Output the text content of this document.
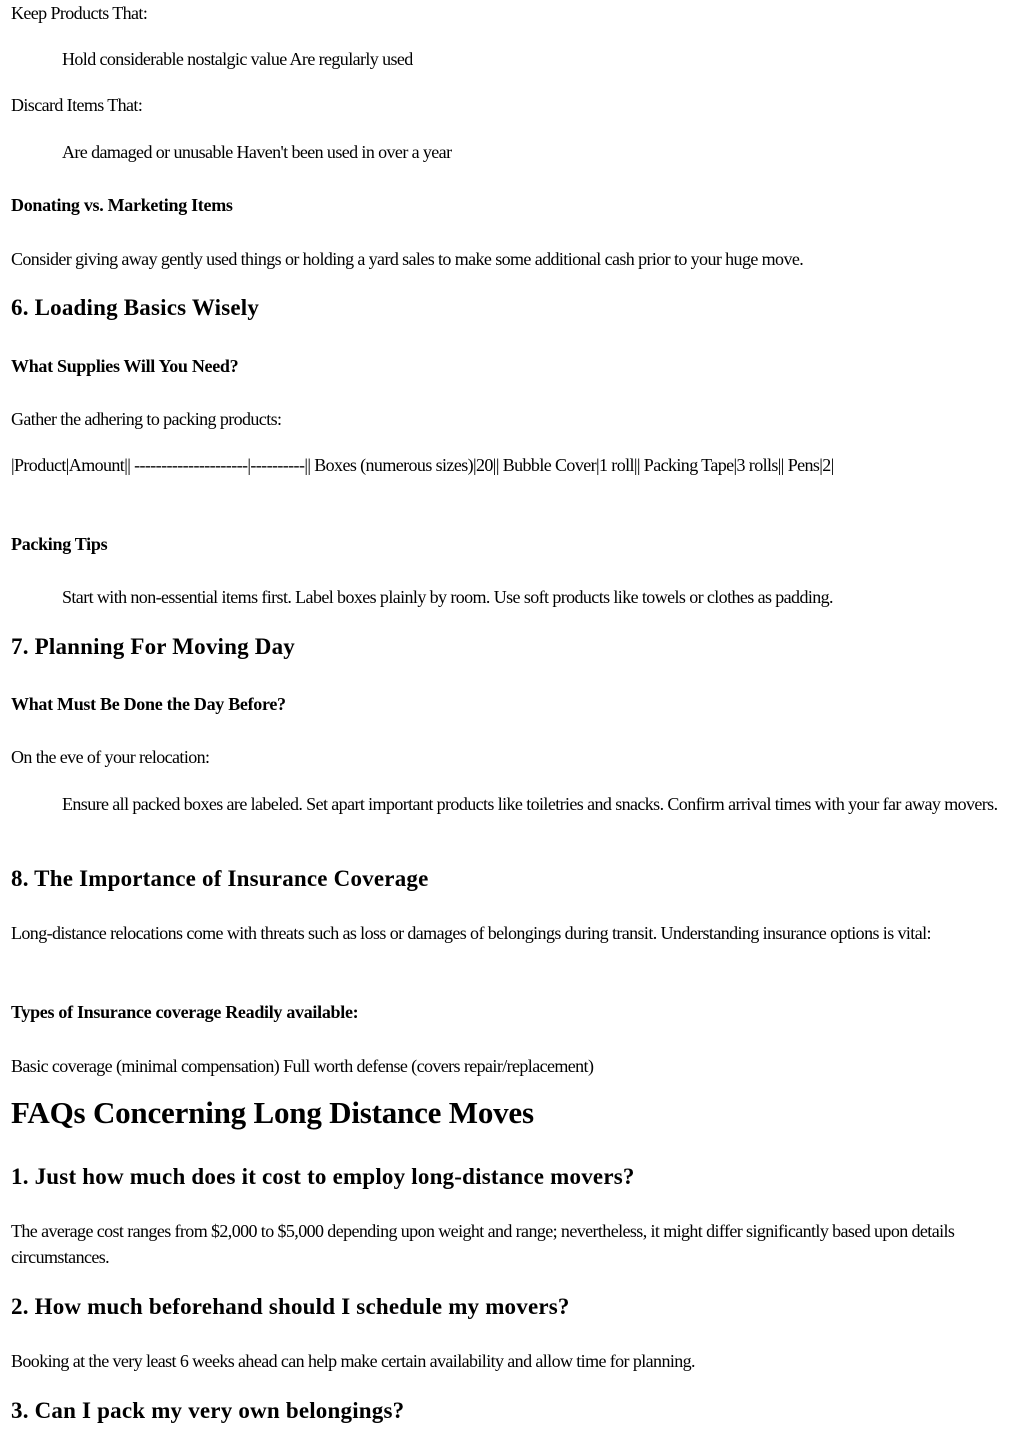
Keep Products That:

Hold considerable nostalgic value Are regularly used

Discard Items That:

Are damaged or unusable Haven't been used in over a year

Donating vs. Marketing Items

Consider giving away gently used things or holding a yard sales to make some additional cash prior to your huge move.

6. Loading Basics Wisely
What Supplies Will You Need?

Gather the adhering to packing products:

|Product|Amount|| ---------------------|----------|| Boxes (numerous sizes)|20|| Bubble Cover|1 roll|| Packing Tape|3 rolls|| Pens|2|

Packing Tips

Start with non-essential items first. Label boxes plainly by room. Use soft products like towels or clothes as padding.

7. Planning For Moving Day
What Must Be Done the Day Before?

On the eve of your relocation:

Ensure all packed boxes are labeled. Set apart important products like toiletries and snacks. Confirm arrival times with your far away movers.

8. The Importance of Insurance Coverage

Long-distance relocations come with threats such as loss or damages of belongings during transit. Understanding insurance options is vital:

Types of Insurance coverage Readily available:

Basic coverage (minimal compensation) Full worth defense (covers repair/replacement)

FAQs Concerning Long Distance Moves
1. Just how much does it cost to employ long-distance movers?

The average cost ranges from $2,000 to $5,000 depending upon weight and range; nevertheless, it might differ significantly based upon details circumstances.

2. How much beforehand should I schedule my movers?

Booking at the very least 6 weeks ahead can help make certain availability and allow time for planning.

3. Can I pack my very own belongings?
